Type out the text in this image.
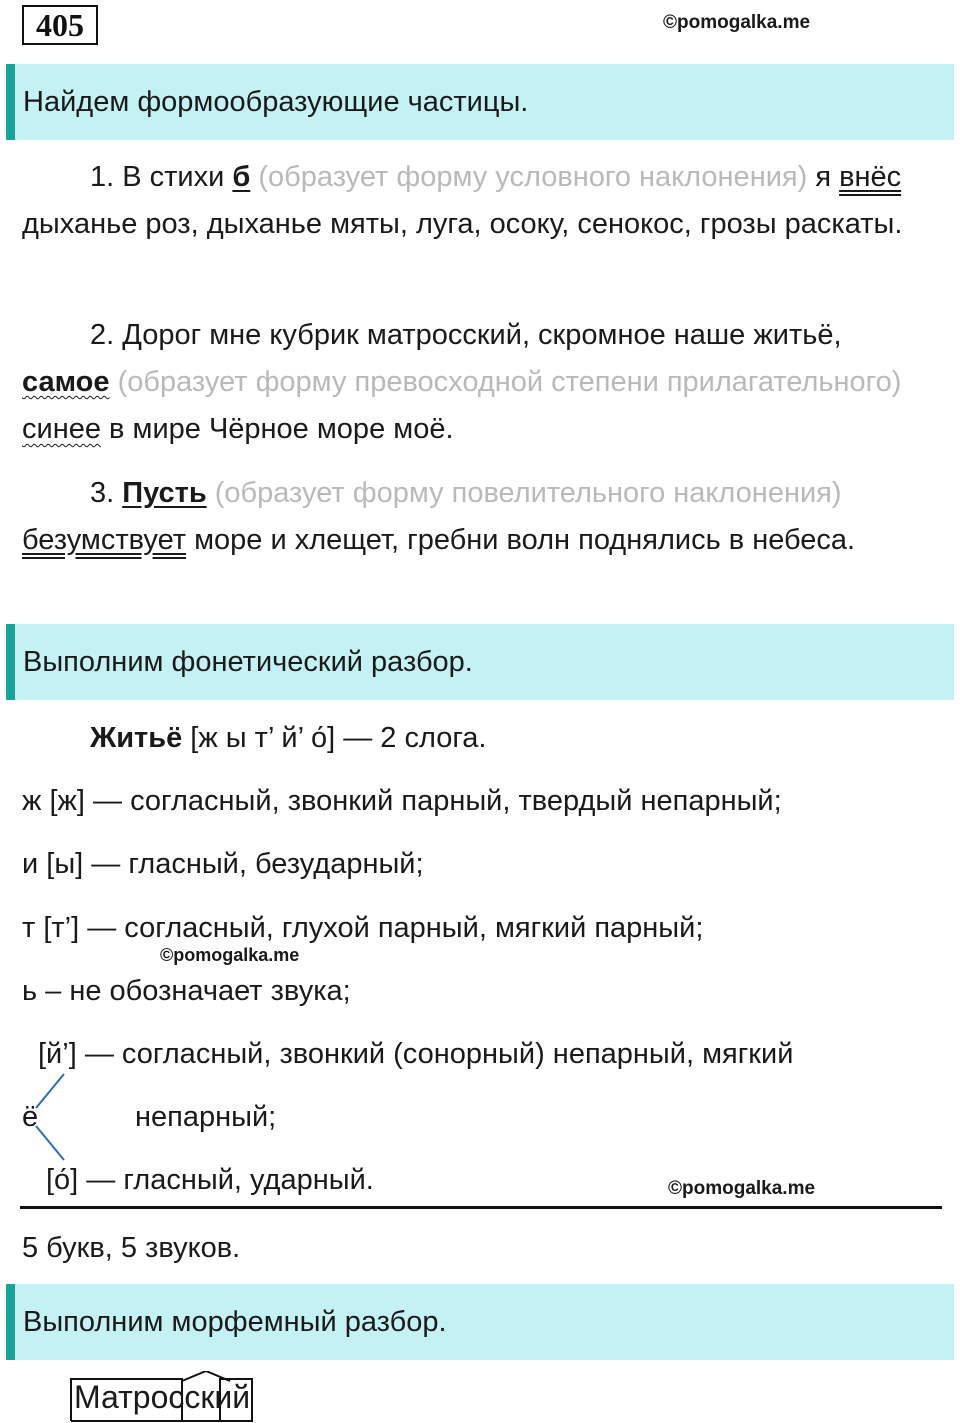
405	©pomogalka.me
Найдем формообразующие частицы.
1. В стихи б (образует форму условного наклонения) я внёс дыханье роз, дыханье мяты, луга, осоку, сенокос, грозы раскаты.
2. Дорог мне кубрик матросский, скромное наше житьё, самое (образует форму превосходной степени прилагательного) синее в мире Чёрное море моё.
3. Пусть (образует форму повелительного наклонения) безумствует море и хлещет, гребни волн поднялись в небеса.
Выполним фонетический разбор.
Житьё [ж ы т’ й’ о́] — 2 слога.
ж [ж] — согласный, звонкий парный, твердый непарный;
и [ы] — гласный, безударный;
т [т’] — согласный, глухой парный, мягкий парный;
©pomogalka.me
ь – не обозначает звука;
[й’] — согласный, звонкий (сонорный) непарный, мягкий
ё	непарный;
[о́] — гласный, ударный.	©pomogalka.me
5 букв, 5 звуков.
Выполним морфемный разбор.
Матросский
